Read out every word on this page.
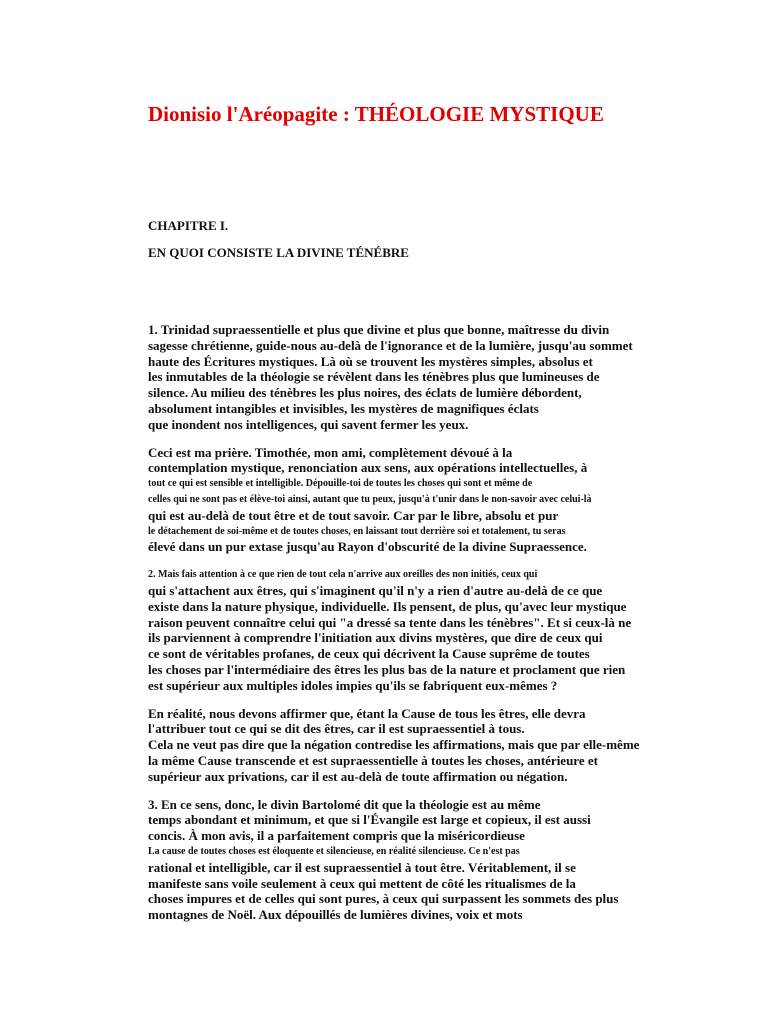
Dionisio l'Aréopagite : THÉOLOGIE MYSTIQUE

CHAPITRE I.

EN QUOI CONSISTE LA DIVINE TÉNÉBRE

1. Trinidad supraessentielle et plus que divine et plus que bonne, maîtresse du divin
sagesse chrétienne, guide-nous au-delà de l'ignorance et de la lumière, jusqu'au sommet
haute des Écritures mystiques. Là où se trouvent les mystères simples, absolus et
les inmutables de la théologie se révèlent dans les ténèbres plus que lumineuses de
silence. Au milieu des ténèbres les plus noires, des éclats de lumière débordent,
absolument intangibles et invisibles, les mystères de magnifiques éclats
que inondent nos intelligences, qui savent fermer les yeux.

Ceci est ma prière. Timothée, mon ami, complètement dévoué à la
contemplation mystique, renonciation aux sens, aux opérations intellectuelles, à
tout ce qui est sensible et intelligible. Dépouille-toi de toutes les choses qui sont et même de
celles qui ne sont pas et élève-toi ainsi, autant que tu peux, jusqu'à t'unir dans le non-savoir avec celui-là
qui est au-delà de tout être et de tout savoir. Car par le libre, absolu et pur
le détachement de soi-même et de toutes choses, en laissant tout derrière soi et totalement, tu seras
élevé dans un pur extase jusqu'au Rayon d'obscurité de la divine Supraessence.

2. Mais fais attention à ce que rien de tout cela n'arrive aux oreilles des non initiés, ceux qui
qui s'attachent aux êtres, qui s'imaginent qu'il n'y a rien d'autre au-delà de ce que
existe dans la nature physique, individuelle. Ils pensent, de plus, qu'avec leur mystique
raison peuvent connaître celui qui "a dressé sa tente dans les ténèbres". Et si ceux-là ne
ils parviennent à comprendre l'initiation aux divins mystères, que dire de ceux qui
ce sont de véritables profanes, de ceux qui décrivent la Cause suprême de toutes
les choses par l'intermédiaire des êtres les plus bas de la nature et proclament que rien
est supérieur aux multiples idoles impies qu'ils se fabriquent eux-mêmes ?

En réalité, nous devons affirmer que, étant la Cause de tous les êtres, elle devra
l'attribuer tout ce qui se dit des êtres, car il est supraessentiel à tous.
Cela ne veut pas dire que la négation contredise les affirmations, mais que par elle-même
la même Cause transcende et est supraessentielle à toutes les choses, antérieure et
supérieur aux privations, car il est au-delà de toute affirmation ou négation.

3. En ce sens, donc, le divin Bartolomé dit que la théologie est au même
temps abondant et minimum, et que si l'Évangile est large et copieux, il est aussi
concis. À mon avis, il a parfaitement compris que la miséricordieuse
La cause de toutes choses est éloquente et silencieuse, en réalité silencieuse. Ce n'est pas
rational et intelligible, car il est supraessentiel à tout être. Véritablement, il se
manifeste sans voile seulement à ceux qui mettent de côté les ritualismes de la
choses impures et de celles qui sont pures, à ceux qui surpassent les sommets des plus
montagnes de Noël. Aux dépouillés de lumières divines, voix et mots
